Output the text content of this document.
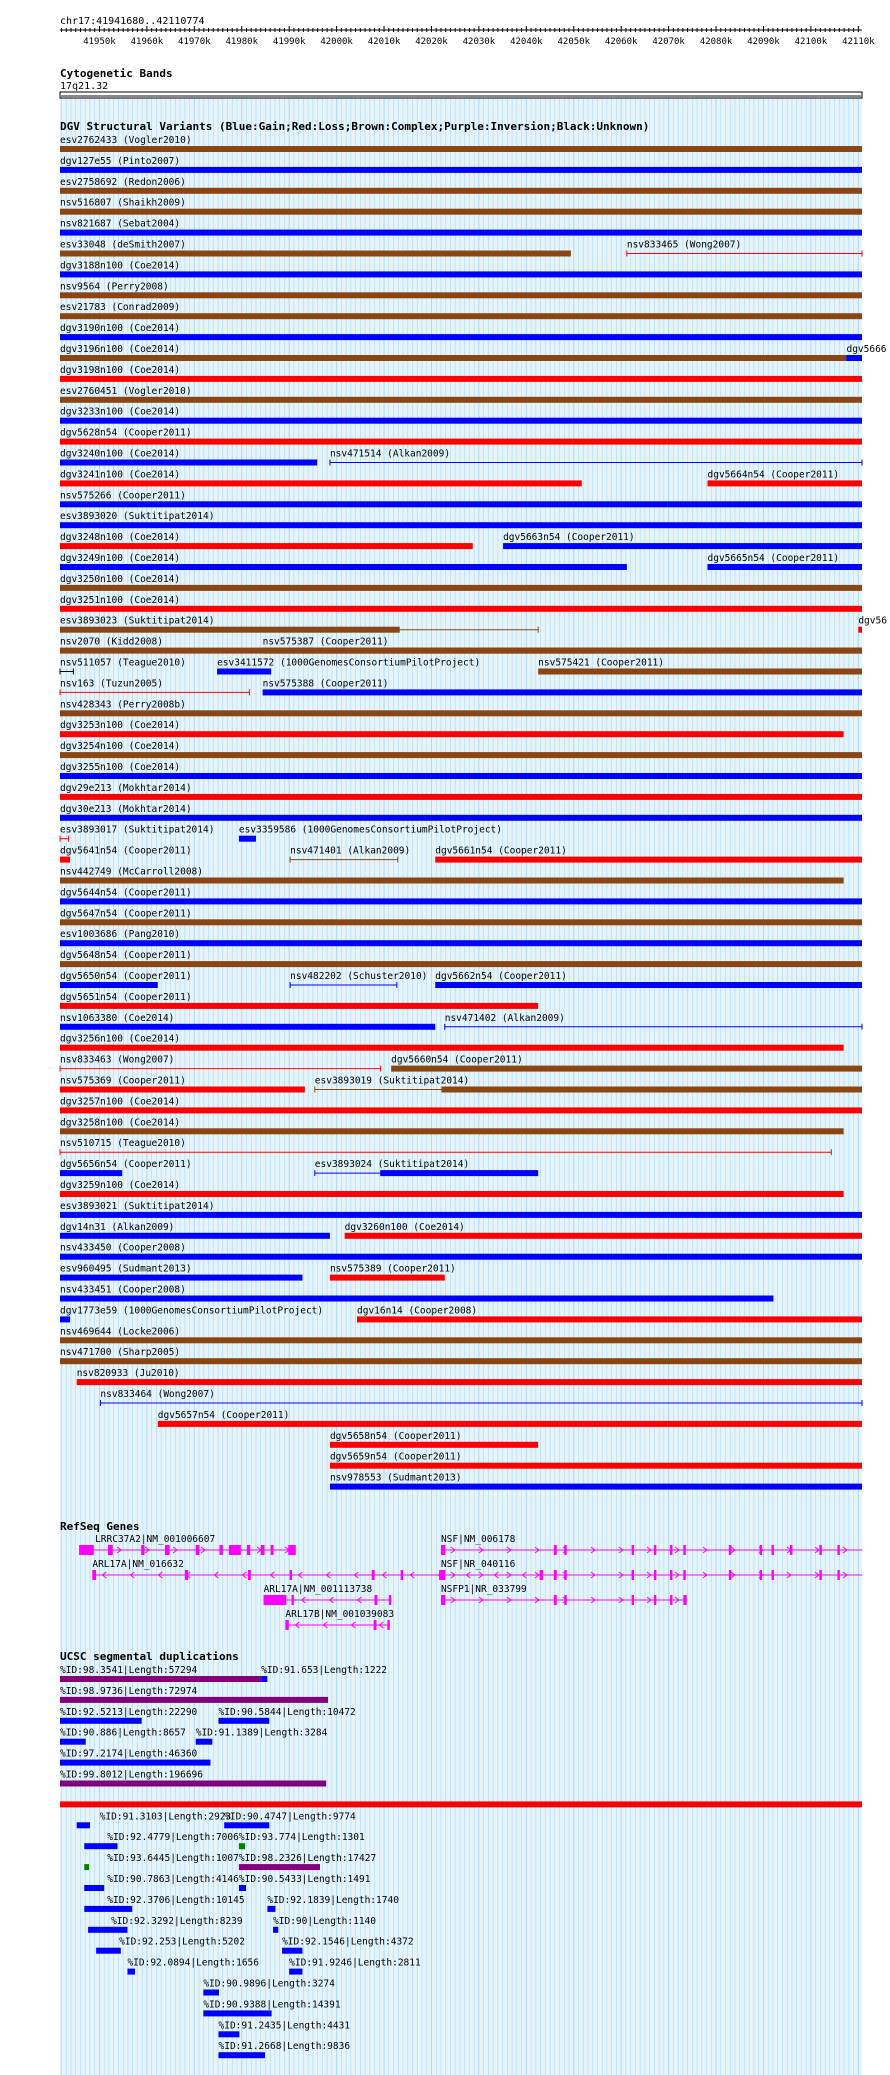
chr17:41941680..42110774
41950k 41960k 41970k 41980k 41990k 42000k 42010k 42020k 42030k 42040k 42050k 42060k 42070k 42080k 42090k 42100k 42110k
Cytogenetic Bands
17q21.32
DGV Structural Variants (Blue:Gain;Red:Loss;Brown:Complex;Purple:Inversion;Black:Unknown)
esv2762433 (Vogler2010)
dgv127e55 (Pinto2007)
esv2758692 (Redon2006)
nsv516807 (Shaikh2009)
nsv821687 (Sebat2004)
esv33048 (deSmith2007)	nsv833465 (Wong2007)
dgv3188n100 (Coe2014)
nsv9564 (Perry2008)
esv21783 (Conrad2009)
dgv3190n100 (Coe2014)
dgv3196n100 (Coe2014)	dgv5666
dgv3198n100 (Coe2014)
esv2760451 (Vogler2010)
dgv3233n100 (Coe2014)
dgv5628n54 (Cooper2011)
dgv3240n100 (Coe2014)	nsv471514 (Alkan2009)
dgv3241n100 (Coe2014)	dgv5664n54 (Cooper2011)
nsv575266 (Cooper2011)
esv3893020 (Suktitipat2014)
dgv3248n100 (Coe2014)	dgv5663n54 (Cooper2011)
dgv3249n100 (Coe2014)	dgv5665n54 (Cooper2011)
dgv3250n100 (Coe2014)
dgv3251n100 (Coe2014)
esv3893023 (Suktitipat2014)	dgv56
nsv2070 (Kidd2008)	nsv575387 (Cooper2011)
nsv511057 (Teague2010)	esv3411572 (1000GenomesConsortiumPilotProject)	nsv575421 (Cooper2011)
nsv163 (Tuzun2005)	nsv575388 (Cooper2011)
nsv428343 (Perry2008b)
dgv3253n100 (Coe2014)
dgv3254n100 (Coe2014)
dgv3255n100 (Coe2014)
dgv29e213 (Mokhtar2014)
dgv30e213 (Mokhtar2014)
esv3893017 (Suktitipat2014)	esv3359586 (1000GenomesConsortiumPilotProject)
dgv5641n54 (Cooper2011)	nsv471401 (Alkan2009)	dgv5661n54 (Cooper2011)
nsv442749 (McCarroll2008)
dgv5644n54 (Cooper2011)
dgv5647n54 (Cooper2011)
esv1003686 (Pang2010)
dgv5648n54 (Cooper2011)
dgv5650n54 (Cooper2011)	nsv482202 (Schuster2010) dgv5662n54 (Cooper2011)
dgv5651n54 (Cooper2011)
nsv1063380 (Coe2014)	nsv471402 (Alkan2009)
dgv3256n100 (Coe2014)
nsv833463 (Wong2007)	dgv5660n54 (Cooper2011)
nsv575369 (Cooper2011)	esv3893019 (Suktitipat2014)
dgv3257n100 (Coe2014)
dgv3258n100 (Coe2014)
nsv510715 (Teague2010)
dgv5656n54 (Cooper2011)	esv3893024 (Suktitipat2014)
dgv3259n100 (Coe2014)
esv3893021 (Suktitipat2014)
dgv14n31 (Alkan2009)	dgv3260n100 (Coe2014)
nsv433450 (Cooper2008)
esv960495 (Sudmant2013)	nsv575389 (Cooper2011)
nsv433451 (Cooper2008)
dgv1773e59 (1000GenomesConsortiumPilotProject)	dgv16n14 (Cooper2008)
nsv469644 (Locke2006)
nsv471700 (Sharp2005)
nsv820933 (Ju2010)
nsv833464 (Wong2007)
dgv5657n54 (Cooper2011)
dgv5658n54 (Cooper2011)
dgv5659n54 (Cooper2011)
nsv978553 (Sudmant2013)
RefSeq Genes
LRRC37A2|NM_001006607
ARL17A|NM_016632
ARL17A|NM_001113738
ARL17B|NM_001039083
NSF|NM_006178
NSF|NR_040116
NSFP1|NR_033799
UCSC segmental duplications
%ID:98.3541|Length:57294	%ID:91.653|Length:1222
%ID:98.9736|Length:72974
%ID:92.5213|Length:22290 %ID:90.5844|Length:10472
%ID:90.886|Length:8657 %ID:91.1389|Length:3284
%ID:97.2174|Length:46360
%ID:99.8012|Length:196696
%ID:91.3103|Length:2923
%ID:90.4747|Length:9774
%ID:92.4779|Length:7006 %ID:93.774|Length:1301
%ID:93.6445|Length:1007 %ID:98.2326|Length:17427
%ID:90.7863|Length:4146 %ID:90.5433|Length:1491
%ID:92.3706|Length:10145 %ID:92.1839|Length:1740
%ID:92.3292|Length:8239	%ID:90|Length:1140
%ID:92.253|Length:5202	%ID:92.1546|Length:4372
%ID:92.0894|Length:1656	%ID:91.9246|Length:2811
%ID:90.9896|Length:3274
%ID:90.9388|Length:14391
%ID:91.2435|Length:4431
%ID:91.2668|Length:9836
